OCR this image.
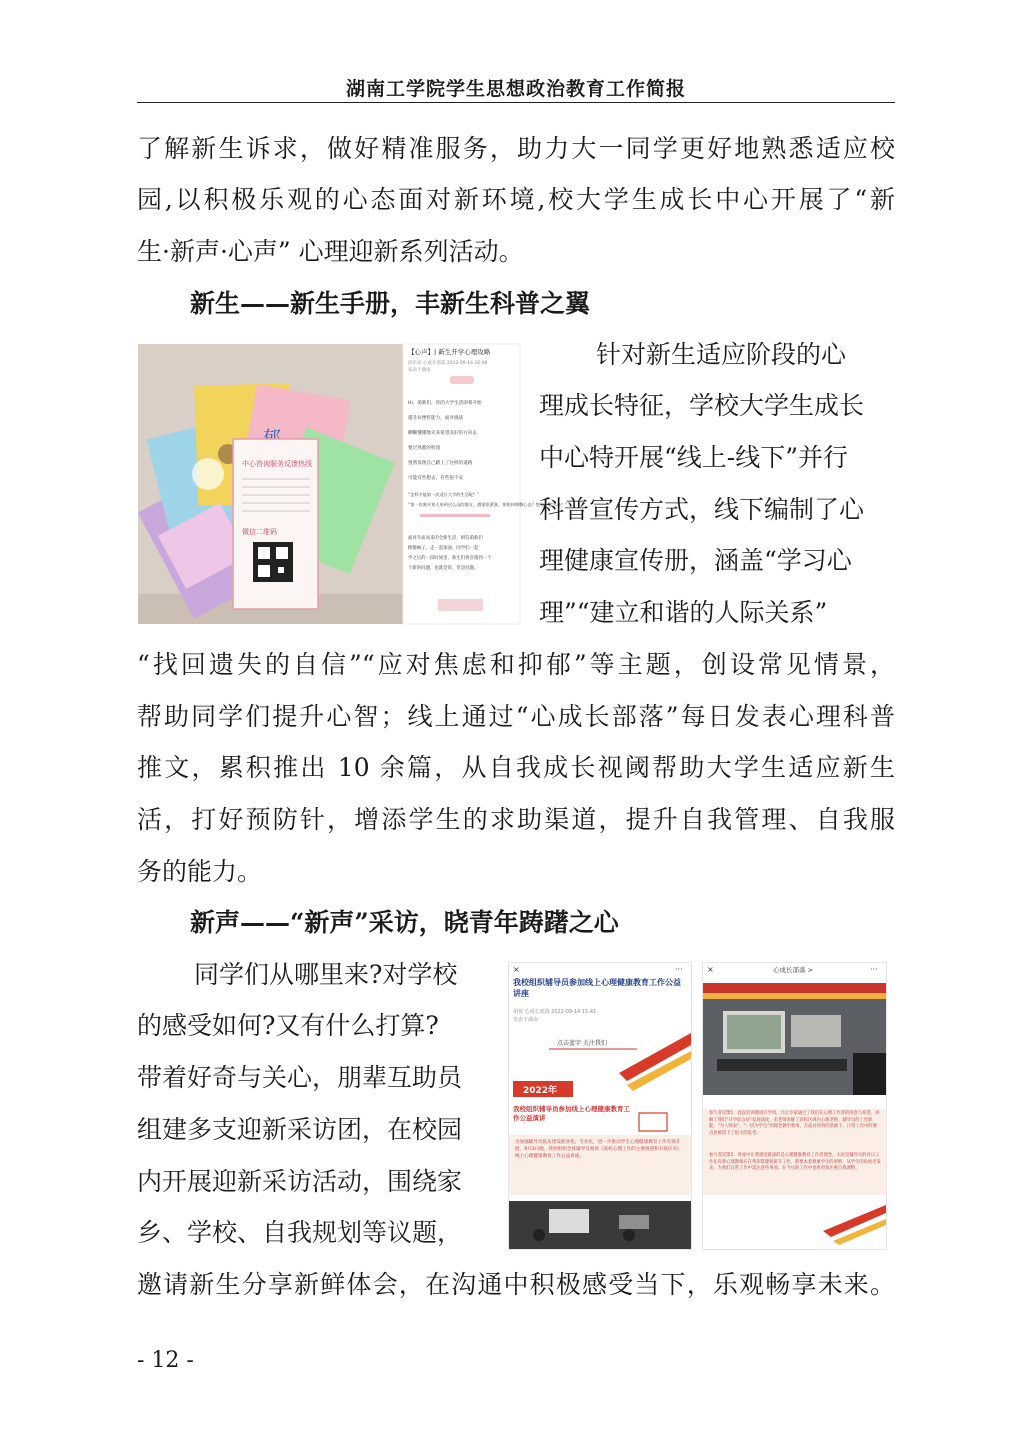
湖南工学院学生思想政治教育工作简报
了解新生诉求，做好精准服务，助力大一同学更好地熟悉适应校
园,以积极乐观的心态面对新环境,校大学生成长中心开展了“新
生·新声·心声” 心理迎新系列活动。
新生——新生手册，丰新生科普之翼
中心咨询服务反馈热线
微信二维码
【心声】| 新生开学心理攻略
邱乐乐 心成长部落 2022-09-14 16:08
发表于湖南
Hi，萌新们，你的大学生活即将开始
提升抗挫折能力，面对挑战
糊糊懂懂地未来希望美好的方向去
要过熟悉的校园
悦然发现自己踏上了这样的道路
可能有些想去，有些很不安
“怎样才能第一次适应大学的生活呢？”
“第一次离开家人来到这么远的地方，感觉很紧张，要如何调整心态？想家了怎么办？”
面对升面而来的全新生活，相信萌新们
撸撸袖子，走一起加油，同学们一起
学之后的一段时间里，新生们将会遇到一个
个新的问题，也就是说，但是问题。
针对新生适应阶段的心
理成长特征，学校大学生成长
中心特开展“线上-线下”并行
科普宣传方式，线下编制了心
理健康宣传册，涵盖“学习心
理”“建立和谐的人际关系”
“找回遗失的自信”“应对焦虑和抑郁”等主题，创设常见情景，
帮助同学们提升心智；线上通过“心成长部落”每日发表心理科普
推文，累积推出 10 余篇，从自我成长视阈帮助大学生适应新生
活，打好预防针，增添学生的求助渠道，提升自我管理、自我服
务的能力。
新声——“新声”采访，晓青年踌躇之心
同学们从哪里来?对学校
的感受如何?又有什么打算?
带着好奇与关心，朋辈互助员
组建多支迎新采访团，在校园
内开展迎新采访活动，围绕家
乡、学校、自我规划等议题，
×	···
我校组织辅导员参加线上心理健康教育工作公益讲座
胡悦 心成长部落 2022-09-14 15:41
发表于湖南
点击蓝字 关注我们
2022年
我校组织辅导员参加线上心理健康教育工作公益演讲
为加强辅导员队伍建设职业化、专业化，进一步推动学生心理健康教育工作有效开展，9月3日晚，我校组织全体辅导员观看《高校心理工作的主要困惑和有效应对》线上心理健康教育工作公益讲座。
×	心成长部落 >	···
参与者反馈1：此次培训邀请开学周，几位专家通过了我们在心理工作者的困惑与希望，讲解了我们“开学综合症”发现高度，来老师讲解了高校区域内心理老师、辅导员的工作职能，“为人师表”，“一切为学生”的理念教学新岗，在面对咨询的基础下，日常工作中的要点也被留下了很大的思考。
参与者反馈2：讲座中让我感受最深的是心理健康教育工作者理念，大论是辅导员的对日工作还有新心理教师应在帮你搭建新研开工作，都要本着尊重学生的原则，从学生的角度出发来，为我们日常工作中需注意些事项。在今后的工作中也将更加注重自我调整。
邀请新生分享新鲜体会，在沟通中积极感受当下，乐观畅享未来。
- 12 -
